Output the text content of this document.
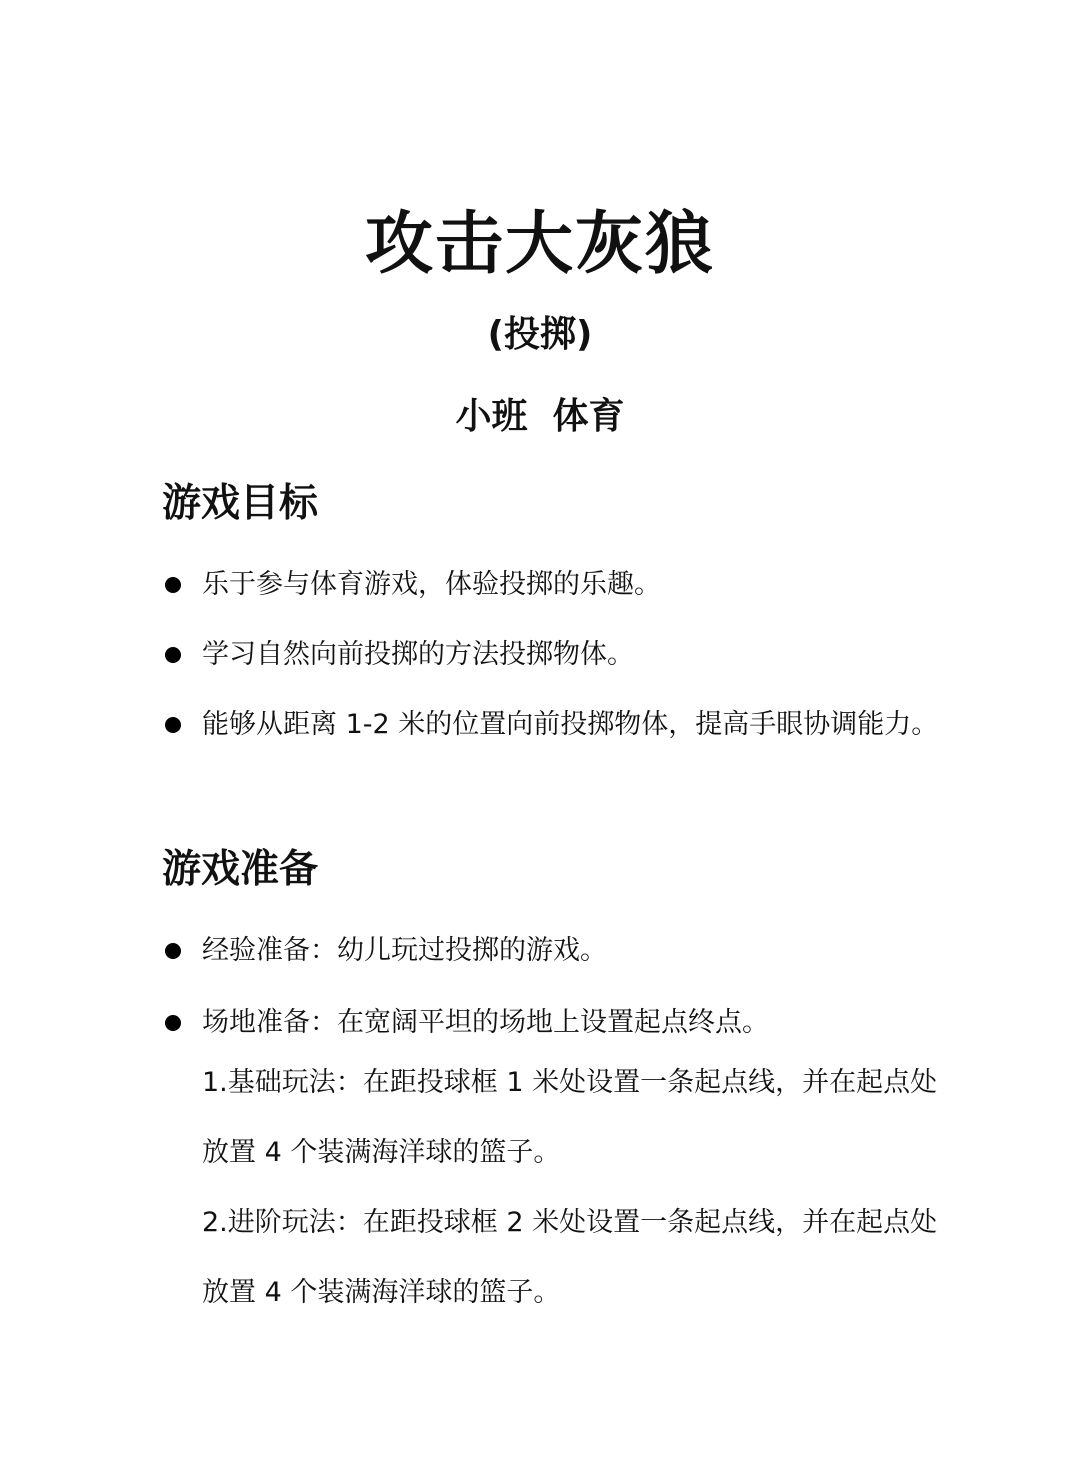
攻击大灰狼
(投掷)
小班  体育
游戏目标
乐于参与体育游戏，体验投掷的乐趣。
学习自然向前投掷的方法投掷物体。
能够从距离 1-2 米的位置向前投掷物体，提高手眼协调能力。
游戏准备
经验准备：幼儿玩过投掷的游戏。
场地准备：在宽阔平坦的场地上设置起点终点。
1.基础玩法：在距投球框 1 米处设置一条起点线，并在起点处放置 4 个装满海洋球的篮子。
2.进阶玩法：在距投球框 2 米处设置一条起点线，并在起点处放置 4 个装满海洋球的篮子。
